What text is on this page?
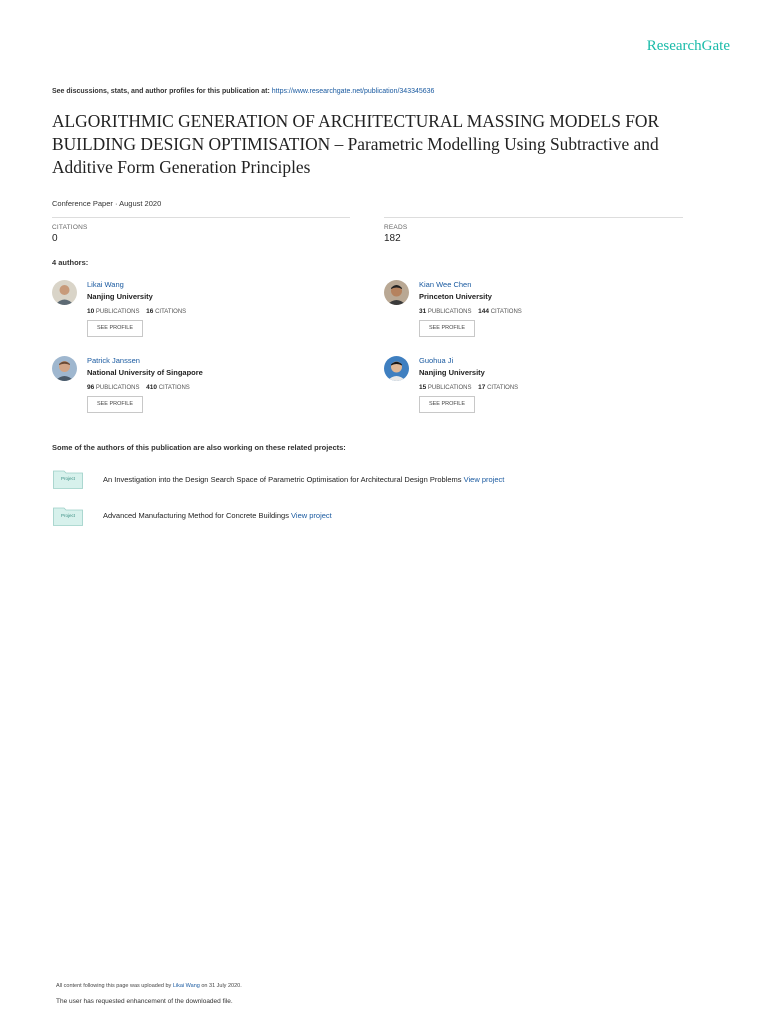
ResearchGate
See discussions, stats, and author profiles for this publication at: https://www.researchgate.net/publication/343345636
ALGORITHMIC GENERATION OF ARCHITECTURAL MASSING MODELS FOR BUILDING DESIGN OPTIMISATION – Parametric Modelling Using Subtractive and Additive Form Generation Principles
Conference Paper · August 2020
CITATIONS
0
READS
182
4 authors:
Likai Wang
Nanjing University
10 PUBLICATIONS 16 CITATIONS
SEE PROFILE
Kian Wee Chen
Princeton University
31 PUBLICATIONS 144 CITATIONS
SEE PROFILE
Patrick Janssen
National University of Singapore
96 PUBLICATIONS 410 CITATIONS
SEE PROFILE
Guohua Ji
Nanjing University
15 PUBLICATIONS 17 CITATIONS
SEE PROFILE
Some of the authors of this publication are also working on these related projects:
Project	An Investigation into the Design Search Space of Parametric Optimisation for Architectural Design Problems View project
Project	Advanced Manufacturing Method for Concrete Buildings View project
All content following this page was uploaded by Likai Wang on 31 July 2020.
The user has requested enhancement of the downloaded file.
